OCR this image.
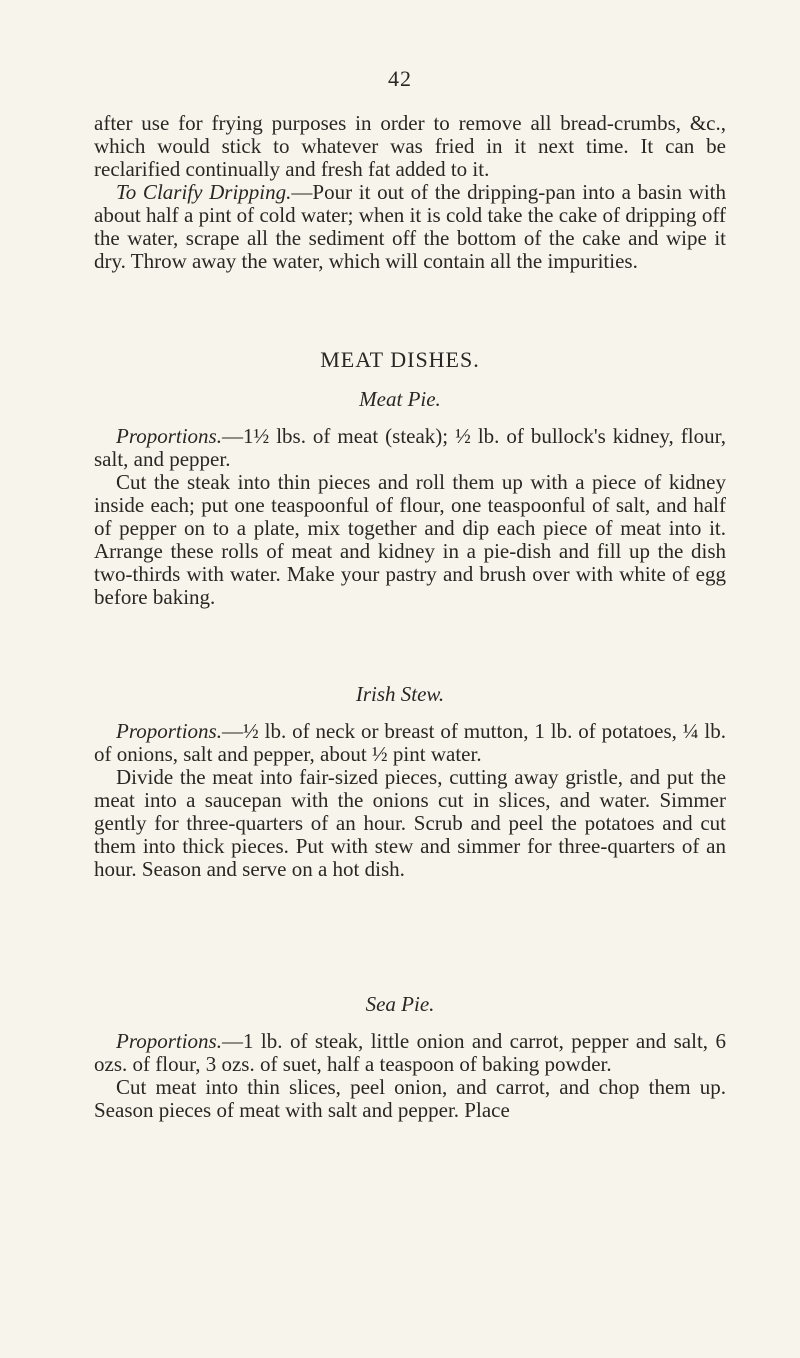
42

after use for frying purposes in order to remove all bread-crumbs, &c., which would stick to whatever was fried in it next time. It can be reclarified continually and fresh fat added to it.

To Clarify Dripping.—Pour it out of the dripping-pan into a basin with about half a pint of cold water; when it is cold take the cake of dripping off the water, scrape all the sediment off the bottom of the cake and wipe it dry. Throw away the water, which will contain all the impurities.

MEAT DISHES.
Meat Pie.

Proportions.—1½ lbs. of meat (steak); ½ lb. of bullock's kidney, flour, salt, and pepper.

Cut the steak into thin pieces and roll them up with a piece of kidney inside each; put one teaspoonful of flour, one teaspoonful of salt, and half of pepper on to a plate, mix together and dip each piece of meat into it. Arrange these rolls of meat and kidney in a pie-dish and fill up the dish two-thirds with water. Make your pastry and brush over with white of egg before baking.

Irish Stew.

Proportions.—½ lb. of neck or breast of mutton, 1 lb. of potatoes, ¼ lb. of onions, salt and pepper, about ½ pint water.

Divide the meat into fair-sized pieces, cutting away gristle, and put the meat into a saucepan with the onions cut in slices, and water. Simmer gently for three-quarters of an hour. Scrub and peel the potatoes and cut them into thick pieces. Put with stew and simmer for three-quarters of an hour. Season and serve on a hot dish.

Sea Pie.

Proportions.—1 lb. of steak, little onion and carrot, pepper and salt, 6 ozs. of flour, 3 ozs. of suet, half a teaspoon of baking powder.

Cut meat into thin slices, peel onion, and carrot, and chop them up. Season pieces of meat with salt and pepper. Place
